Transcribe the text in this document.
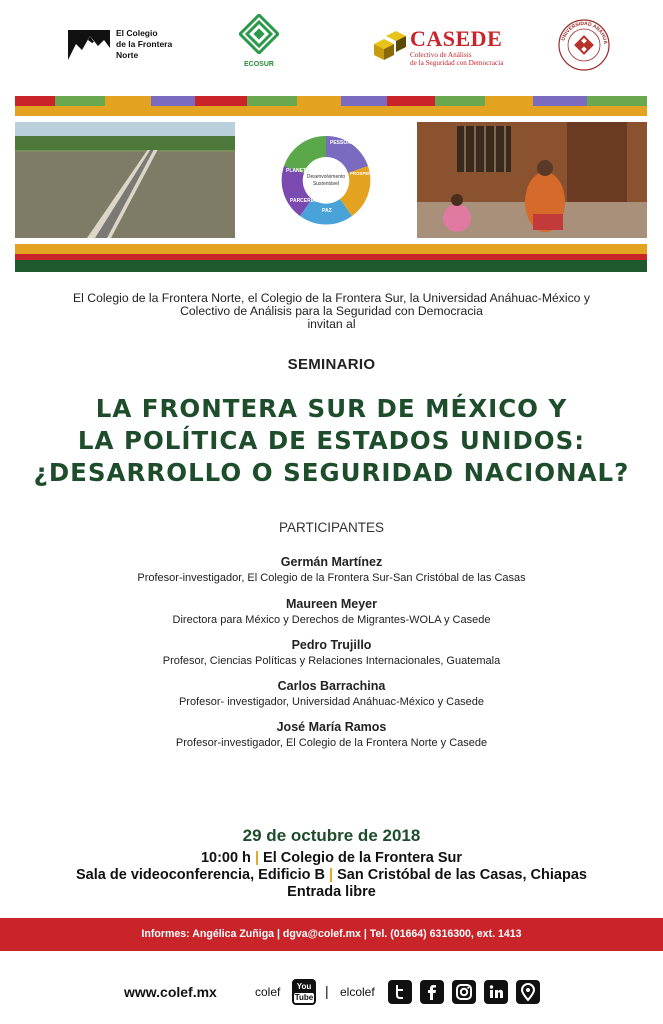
El Colegio
de la Frontera
Norte
ECOSUR
CASEDE
Colectivo de Análisis
de la Seguridad con Democracia
UNIVERSIDAD ANÁHUA
Desenvolvimento
Sustentável
PESSOAS
PLANETA	PROSPERIDADE
PARCERIAS
PAZ
El Colegio de la Frontera Norte, el Colegio de la Frontera Sur, la Universidad Anáhuac-México y
Colectivo de Análisis para la Seguridad con Democracia
invitan al
SEMINARIO
LA FRONTERA SUR DE MÉXICO Y
LA POLÍTICA DE ESTADOS UNIDOS:
¿DESARROLLO O SEGURIDAD NACIONAL?
PARTICIPANTES
Germán Martínez
Profesor-investigador, El Colegio de la Frontera Sur-San Cristóbal de las Casas
Maureen Meyer
Directora para México y Derechos de Migrantes-WOLA y Casede
Pedro Trujillo
Profesor, Ciencias Políticas y Relaciones Internacionales, Guatemala
Carlos Barrachina
Profesor- investigador, Universidad Anáhuac-México y Casede
José María Ramos
Profesor-investigador, El Colegio de la Frontera Norte y Casede
29 de octubre de 2018
10:00 h | El Colegio de la Frontera Sur
Sala de videoconferencia, Edificio B | San Cristóbal de las Casas, Chiapas
Entrada libre
Informes: Angélica Zuñiga | dgva@colef.mx | Tel. (01664) 6316300, ext. 1413
www.colef.mx	colef	You
Tube | elcolef
